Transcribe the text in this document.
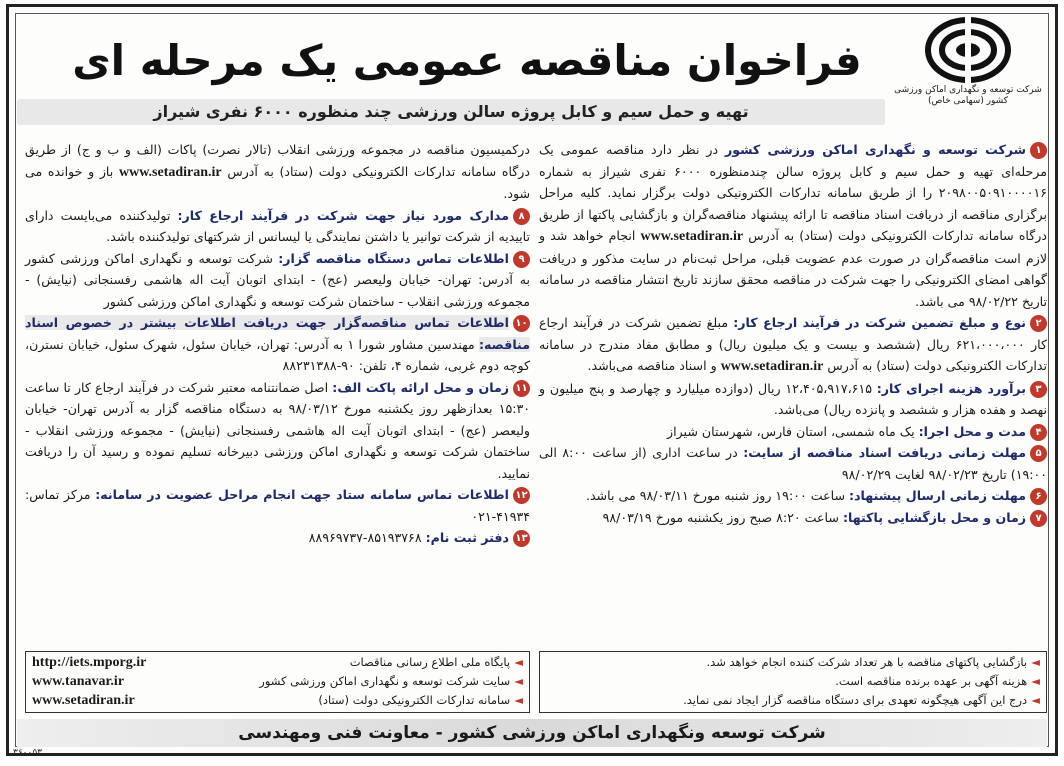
شرکت توسعه و نگهداری اماکن ورزشی کشور (سهامی خاص)
فراخوان مناقصه عمومی یک مرحله ای
تهیه و حمل سیم و کابل پروژه سالن ورزشی چند منظوره ۶۰۰۰ نفری شیراز
۱شرکت توسعه و نگهداری اماکن ورزشی کشور در نظر دارد مناقصه عمومی یک مرحله‌ای تهیه و حمل سیم و کابل پروژه سالن چندمنظوره ۶۰۰۰ نفری شیراز به شماره ۲۰۹۸۰۰۵۰۹۱۰۰۰۰۱۶ را از طریق سامانه تدارکات الکترونیکی دولت برگزار نماید. کلیه مراحل برگزاری مناقصه از دریافت اسناد مناقصه تا ارائه پیشنهاد مناقصه‌گران و بازگشایی پاکتها از طریق درگاه سامانه تدارکات الکترونیکی دولت (ستاد) به آدرس www.setadiran.ir انجام خواهد شد و لازم است مناقصه‌گران در صورت عدم عضویت قبلی، مراحل ثبت‌نام در سایت مذکور و دریافت گواهی امضای الکترونیکی را جهت شرکت در مناقصه محقق سازند تاریخ انتشار مناقصه در سامانه تاریخ ۹۸/۰۲/۲۲ می باشد.
۲نوع و مبلغ تضمین شرکت در فرآیند ارجاع کار: مبلغ تضمین شرکت در فرآیند ارجاع کار ۶۲۱،۰۰۰،۰۰۰ ریال (ششصد و بیست و یک میلیون ریال) و مطابق مفاد مندرج در سامانه تدارکات الکترونیکی دولت (ستاد) به آدرس www.setadiran.ir و اسناد مناقصه می‌باشد.
۳برآورد هزینه اجرای کار: ۱۲،۴۰۵،۹۱۷،۶۱۵ ریال (دوازده میلیارد و چهارصد و پنج میلیون و نهصد و هفده هزار و ششصد و پانزده ریال) می‌باشد.
۴مدت و محل اجرا: یک ماه شمسی، استان فارس، شهرستان شیراز
۵مهلت زمانی دریافت اسناد مناقصه از سایت: در ساعت اداری (از ساعت ۸:۰۰ الی ۱۹:۰۰) تاریخ ۹۸/۰۲/۲۳ لغایت ۹۸/۰۲/۲۹
۶مهلت زمانی ارسال پیشنهاد: ساعت ۱۹:۰۰ روز شنبه مورخ ۹۸/۰۳/۱۱ می باشد.
۷زمان و محل بازگشایی پاکتها: ساعت ۸:۲۰ صبح روز یکشنبه مورخ ۹۸/۰۳/۱۹
درکمیسیون مناقصه در مجموعه ورزشی انقلاب (تالار نصرت) پاکات (الف و ب و ج) از طریق درگاه سامانه تدارکات الکترونیکی دولت (ستاد) به آدرس www.setadiran.ir باز و خوانده می شود.
۸مدارک مورد نیاز جهت شرکت در فرآیند ارجاع کار: تولیدکننده می‌بایست دارای تاییدیه از شرکت توانیر یا داشتن نمایندگی یا لیسانس از شرکتهای تولیدکننده باشد.
۹اطلاعات تماس دستگاه مناقصه گزار: شرکت توسعه و نگهداری اماکن ورزشی کشور به آدرس: تهران- خیابان ولیعصر (عج) - ابتدای اتوبان آیت اله هاشمی رفسنجانی (نیایش) - مجموعه ورزشی انقلاب - ساختمان شرکت توسعه و نگهداری اماکن ورزشی کشور
۱۰اطلاعات تماس مناقصه‌گزار جهت دریافت اطلاعات بیشتر در خصوص اسناد مناقصه: مهندسین مشاور شورا ۱ به آدرس: تهران، خیابان سئول، شهرک سئول، خیابان نسترن، کوچه دوم غربی، شماره ۴، تلفن: ۹۰-۸۸۲۳۱۳۸۸
۱۱زمان و محل ارائه پاکت الف: اصل ضمانتنامه معتبر شرکت در فرآیند ارجاع کار تا ساعت ۱۵:۳۰ بعدازظهر روز یکشنبه مورخ ۹۸/۰۳/۱۲ به دستگاه مناقصه گزار به آدرس تهران- خیابان ولیعصر (عج) - ابتدای اتوبان آیت اله هاشمی رفسنجانی (نیایش) - مجموعه ورزشی انقلاب - ساختمان شرکت توسعه و نگهداری اماکن ورزشی دبیرخانه تسلیم نموده و رسید آن را دریافت نمایید.
۱۲اطلاعات تماس سامانه ستاد جهت انجام مراحل عضویت در سامانه: مرکز تماس: ۴۱۹۳۴-۰۲۱
۱۳دفتر ثبت نام: ۸۵۱۹۳۷۶۸-۸۸۹۶۹۷۳۷
◄بازگشایی پاکتهای مناقصه با هر تعداد شرکت کننده انجام خواهد شد.
◄هزینه آگهی بر عهده برنده مناقصه است.
◄درج این آگهی هیچگونه تعهدی برای دستگاه مناقصه گزار ایجاد نمی نماید.
◄پایگاه ملی اطلاع رسانی مناقصات
http://iets.mporg.ir
◄سایت شرکت توسعه و نگهداری اماکن ورزشی کشور
www.tanavar.ir
◄سامانه تدارکات الکترونیکی دولت (ستاد)
www.setadiran.ir
شرکت توسعه ونگهداری اماکن ورزشی کشور - معاونت فنی ومهندسی
۳۶۰۰۵۳
